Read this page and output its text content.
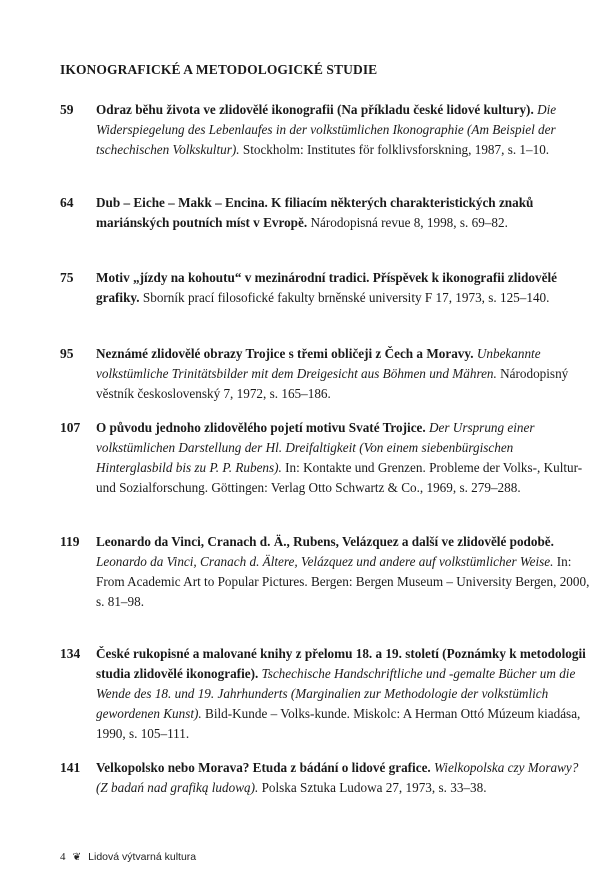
IKONOGRAFICKÉ A METODOLOGICKÉ STUDIE
59	Odraz běhu života ve zlidovělé ikonografii (Na příkladu české lidové kultury). Die Widerspiegelung des Lebenlaufes in der volkstümlichen Ikonographie (Am Beispiel der tschechischen Volkskultur). Stockholm: Institutes för folklivsforskning, 1987, s. 1–10.
64	Dub – Eiche – Makk – Encina. K filiacím některých charakteristických znaků mariánských poutních míst v Evropě. Národopisná revue 8, 1998, s. 69–82.
75	Motiv „jízdy na kohoutu“ v mezinárodní tradici. Příspěvek k ikonografii zlidovělé grafiky. Sborník prací filosofické fakulty brněnské university F 17, 1973, s. 125–140.
95	Neznámé zlidovělé obrazy Trojice s třemi obličeji z Čech a Moravy. Unbekannte volkstümliche Trinitätsbilder mit dem Dreigesicht aus Böhmen und Mähren. Národopisný věstník československý 7, 1972, s. 165–186.
107	O původu jednoho zlidovělého pojetí motivu Svaté Trojice. Der Ursprung einer volkstümlichen Darstellung der Hl. Dreifaltigkeit (Von einem siebenbürgischen Hinterglasbild bis zu P. P. Rubens). In: Kontakte und Grenzen. Probleme der Volks-, Kultur- und Sozialforschung. Göttingen: Verlag Otto Schwartz & Co., 1969, s. 279–288.
119	Leonardo da Vinci, Cranach d. Ä., Rubens, Velázquez a další ve zlidovělé podobě. Leonardo da Vinci, Cranach d. Ältere, Velázquez und andere auf volkstümlicher Weise. In: From Academic Art to Popular Pictures. Bergen: Bergen Museum – University Bergen, 2000, s. 81–98.
134	České rukopisné a malované knihy z přelomu 18. a 19. století (Poznámky k metodologii studia zlidovělé ikonografie). Tschechische Handschriftliche und -gemalte Bücher um die Wende des 18. und 19. Jahrhunderts (Marginalien zur Methodologie der volkstümlich gewordenen Kunst). Bild-Kunde – Volks-kunde. Miskolc: A Herman Ottó Múzeum kiadása, 1990, s. 105–111.
141	Velkopolsko nebo Morava? Etuda z bádání o lidové grafice. Wielkopolska czy Morawy? (Z badań nad grafiką ludową). Polska Sztuka Ludowa 27, 1973, s. 33–38.
4 ❦ Lidová výtvarná kultura
